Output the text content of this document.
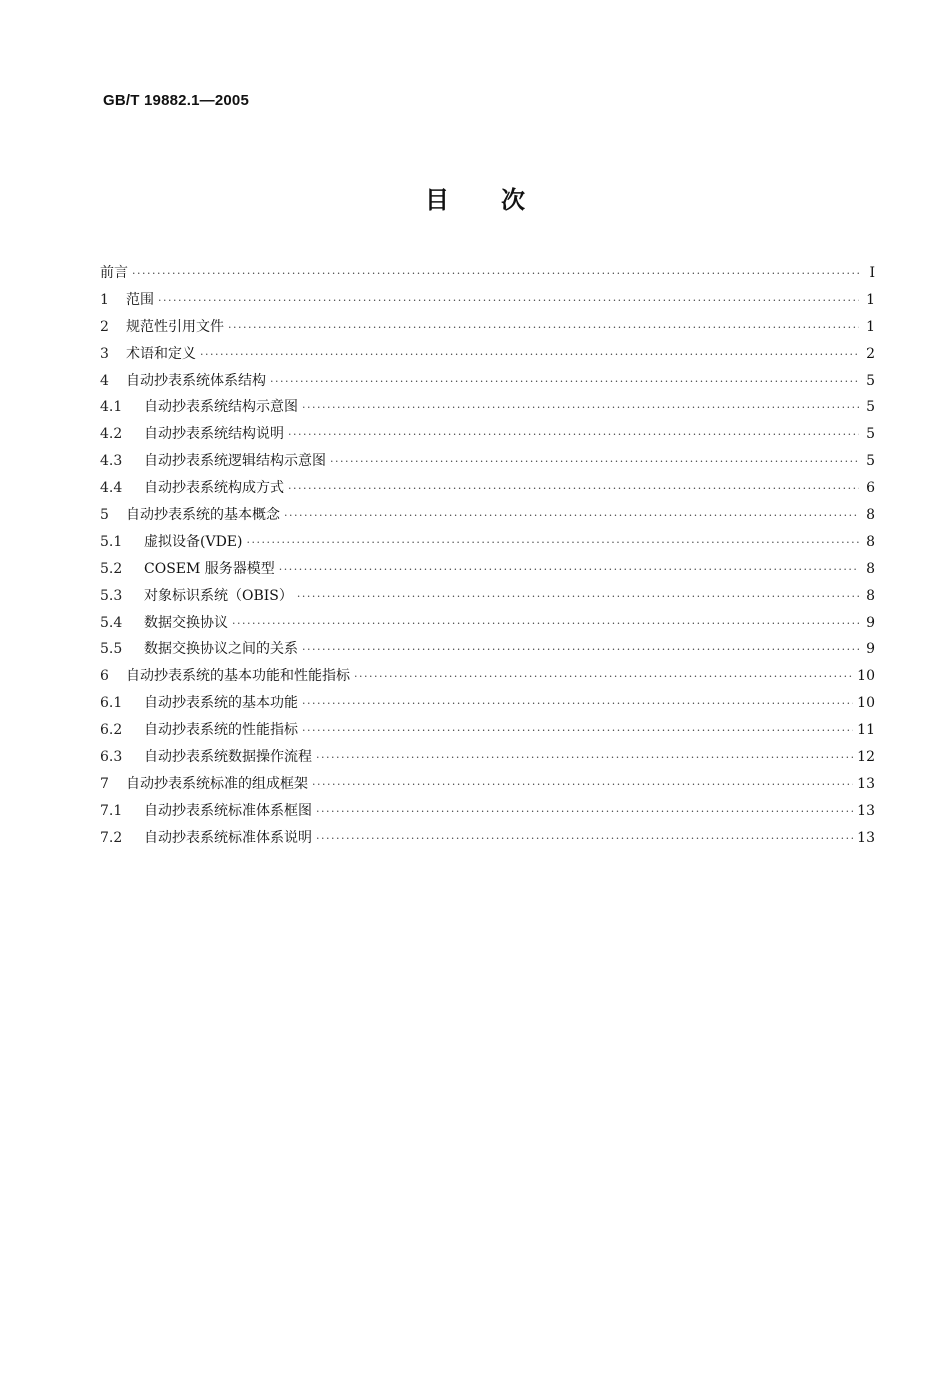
GB/T 19882.1—2005
目次
前言 ·····	I
1	范围 ·····	1
2	规范性引用文件 ·····	1
3	术语和定义 ·····	2
4	自动抄表系统体系结构 ·····	5
4.1	自动抄表系统结构示意图 ·····	5
4.2	自动抄表系统结构说明 ·····	5
4.3	自动抄表系统逻辑结构示意图 ·····	5
4.4	自动抄表系统构成方式 ·····	6
5	自动抄表系统的基本概念 ·····	8
5.1	虚拟设备(VDE) ·····	8
5.2	COSEM 服务器模型 ·····	8
5.3	对象标识系统（OBIS） ·····	8
5.4	数据交换协议 ·····	9
5.5	数据交换协议之间的关系 ·····	9
6	自动抄表系统的基本功能和性能指标 ·····	10
6.1	自动抄表系统的基本功能 ·····	10
6.2	自动抄表系统的性能指标 ·····	11
6.3	自动抄表系统数据操作流程 ·····	12
7	自动抄表系统标准的组成框架 ·····	13
7.1	自动抄表系统标准体系框图 ·····	13
7.2	自动抄表系统标准体系说明 ·····	13
